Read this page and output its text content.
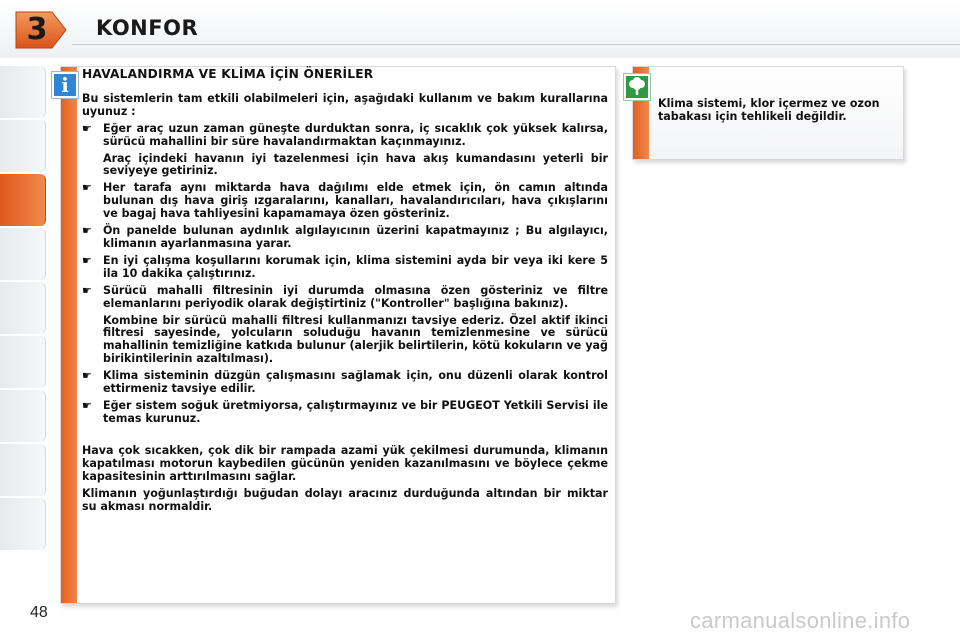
3	KONFOR
i	HAVALANDIRMA VE KLİMA İÇİN ÖNERİLER

Bu sistemlerin tam etkili olabilmeleri için, aşağıdaki kullanım ve bakım kurallarına uyunuz :

☛ Eğer araç uzun zaman güneşte durduktan sonra, iç sıcaklık çok yüksek kalırsa, sürücü mahallini bir süre havalandırmaktan kaçınmayınız.

Araç içindeki havanın iyi tazelenmesi için hava akış kumandasını yeterli bir seviyeye getiriniz.

☛ Her tarafa aynı miktarda hava dağılımı elde etmek için, ön camın altında bulunan dış hava giriş ızgaralarını, kanalları, havalandırıcıları, hava çıkışlarını ve bagaj hava tahliyesini kapamamaya özen gösteriniz.
☛ Ön panelde bulunan aydınlık algılayıcının üzerini kapatmayınız ; Bu algılayıcı, klimanın ayarlanmasına yarar.
☛ En iyi çalışma koşullarını korumak için, klima sistemini ayda bir veya iki kere 5 ila 10 dakika çalıştırınız.
☛ Sürücü mahalli filtresinin iyi durumda olmasına özen gösteriniz ve filtre elemanlarını periyodik olarak değiştirtiniz ("Kontroller" başlığına bakınız).

Kombine bir sürücü mahalli filtresi kullanmanızı tavsiye ederiz. Özel aktif ikinci filtresi sayesinde, yolcuların soluduğu havanın temizlenmesine ve sürücü mahallinin temizliğine katkıda bulunur (alerjik belirtilerin, kötü kokuların ve yağ birikintilerinin azaltılması).

☛ Klima sisteminin düzgün çalışmasını sağlamak için, onu düzenli olarak kontrol ettirmeniz tavsiye edilir.
☛ Eğer sistem soğuk üretmiyorsa, çalıştırmayınız ve bir PEUGEOT Yetkili Servisi ile temas kurunuz.

Hava çok sıcakken, çok dik bir rampada azami yük çekilmesi durumunda, klimanın kapatılması motorun kaybedilen gücünün yeniden kazanılmasını ve böylece çekme kapasitesinin arttırılmasını sağlar.

Klimanın yoğunlaştırdığı buğudan dolayı aracınız durduğunda altından bir miktar su akması normaldir.

Klima sistemi, klor içermez ve ozon tabakası için tehlikeli değildir.
48	carmanualsonline.info
